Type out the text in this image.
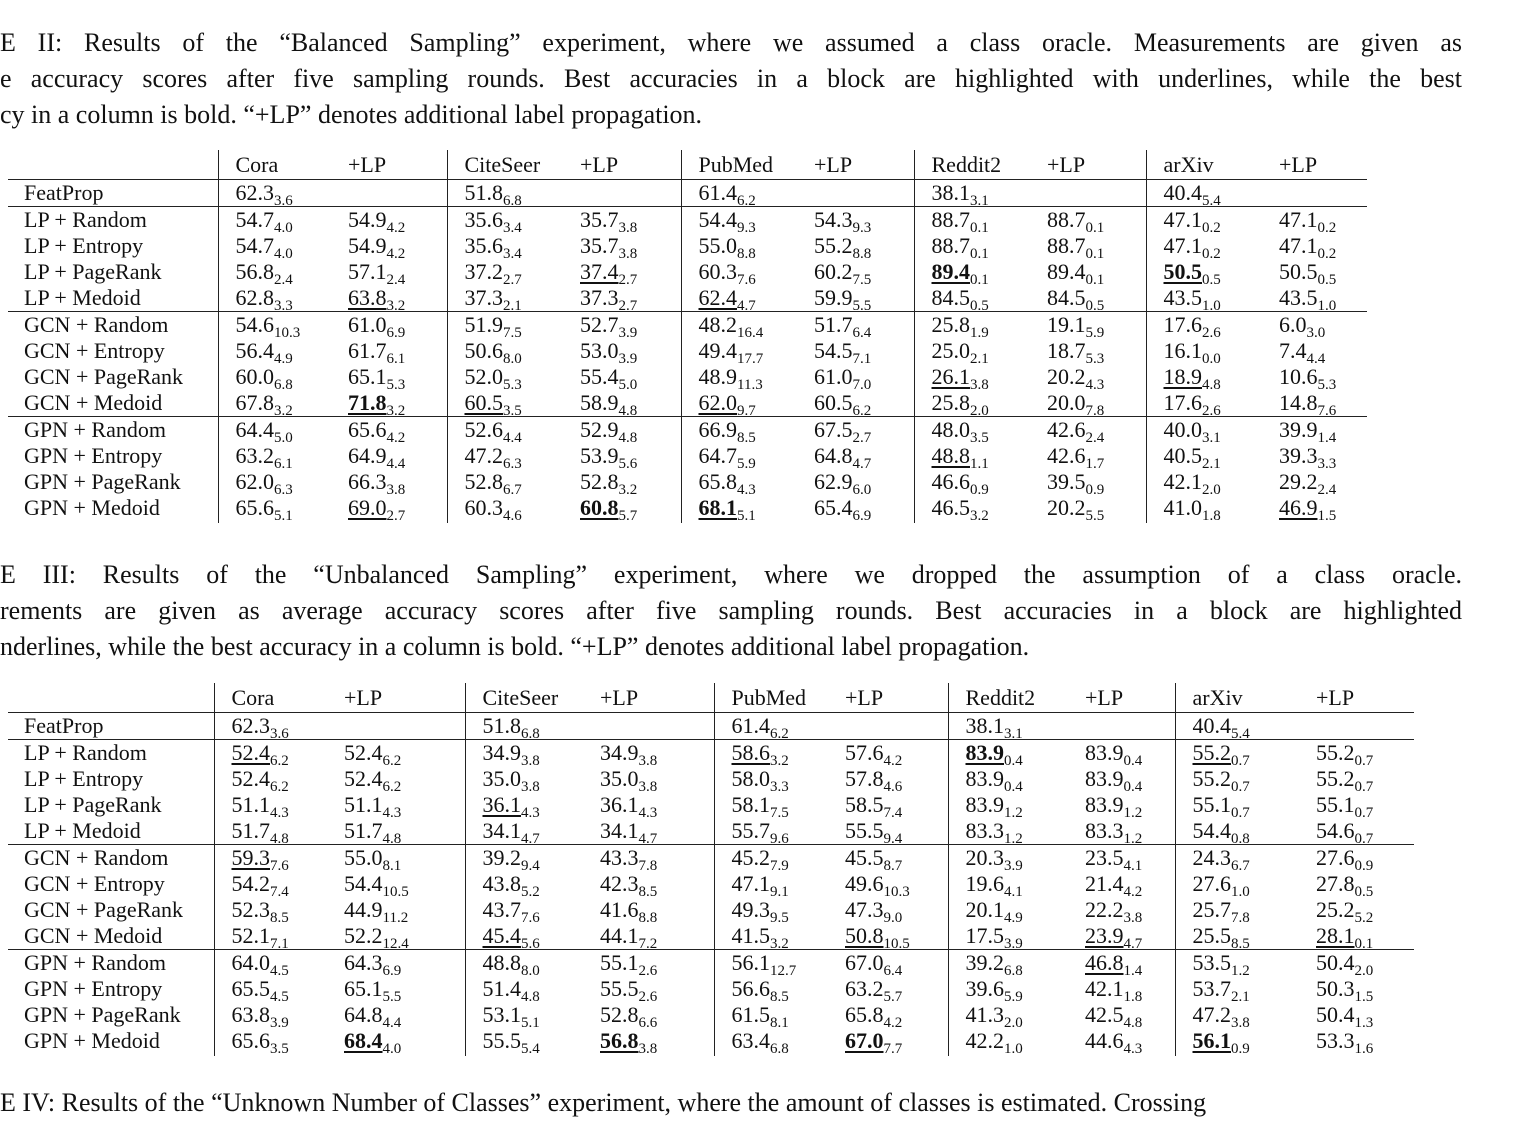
E II: Results of the “Balanced Sampling” experiment, where we assumed a class oracle. Measurements are given as
e accuracy scores after five sampling rounds. Best accuracies in a block are highlighted with underlines, while the best
cy in a column is bold. “+LP” denotes additional label propagation.
	Cora	+LP	CiteSeer	+LP	PubMed	+LP	Reddit2	+LP	arXiv	+LP
FeatProp	$62.3_{3.6}$		$51.8_{6.8}$		$61.4_{6.2}$		$38.1_{3.1}$		$40.4_{5.4}$	
LP + Random	$54.7_{4.0}$	$54.9_{4.2}$	$35.6_{3.4}$	$35.7_{3.8}$	$54.4_{9.3}$	$54.3_{9.3}$	$88.7_{0.1}$	$88.7_{0.1}$	$47.1_{0.2}$	$47.1_{0.2}$
LP + Entropy	$54.7_{4.0}$	$54.9_{4.2}$	$35.6_{3.4}$	$35.7_{3.8}$	$55.0_{8.8}$	$55.2_{8.8}$	$88.7_{0.1}$	$88.7_{0.1}$	$47.1_{0.2}$	$47.1_{0.2}$
LP + PageRank	$56.8_{2.4}$	$57.1_{2.4}$	$37.2_{2.7}$	$37.4_{2.7}$	$60.3_{7.6}$	$60.2_{7.5}$	$89.4_{0.1}$	$89.4_{0.1}$	$50.5_{0.5}$	$50.5_{0.5}$
LP + Medoid	$62.8_{3.3}$	$63.8_{3.2}$	$37.3_{2.1}$	$37.3_{2.7}$	$62.4_{4.7}$	$59.9_{5.5}$	$84.5_{0.5}$	$84.5_{0.5}$	$43.5_{1.0}$	$43.5_{1.0}$
GCN + Random	$54.6_{10.3}$	$61.0_{6.9}$	$51.9_{7.5}$	$52.7_{3.9}$	$48.2_{16.4}$	$51.7_{6.4}$	$25.8_{1.9}$	$19.1_{5.9}$	$17.6_{2.6}$	$6.0_{3.0}$
GCN + Entropy	$56.4_{4.9}$	$61.7_{6.1}$	$50.6_{8.0}$	$53.0_{3.9}$	$49.4_{17.7}$	$54.5_{7.1}$	$25.0_{2.1}$	$18.7_{5.3}$	$16.1_{0.0}$	$7.4_{4.4}$
GCN + PageRank	$60.0_{6.8}$	$65.1_{5.3}$	$52.0_{5.3}$	$55.4_{5.0}$	$48.9_{11.3}$	$61.0_{7.0}$	$26.1_{3.8}$	$20.2_{4.3}$	$18.9_{4.8}$	$10.6_{5.3}$
GCN + Medoid	$67.8_{3.2}$	$71.8_{3.2}$	$60.5_{3.5}$	$58.9_{4.8}$	$62.0_{9.7}$	$60.5_{6.2}$	$25.8_{2.0}$	$20.0_{7.8}$	$17.6_{2.6}$	$14.8_{7.6}$
GPN + Random	$64.4_{5.0}$	$65.6_{4.2}$	$52.6_{4.4}$	$52.9_{4.8}$	$66.9_{8.5}$	$67.5_{2.7}$	$48.0_{3.5}$	$42.6_{2.4}$	$40.0_{3.1}$	$39.9_{1.4}$
GPN + Entropy	$63.2_{6.1}$	$64.9_{4.4}$	$47.2_{6.3}$	$53.9_{5.6}$	$64.7_{5.9}$	$64.8_{4.7}$	$48.8_{1.1}$	$42.6_{1.7}$	$40.5_{2.1}$	$39.3_{3.3}$
GPN + PageRank	$62.0_{6.3}$	$66.3_{3.8}$	$52.8_{6.7}$	$52.8_{3.2}$	$65.8_{4.3}$	$62.9_{6.0}$	$46.6_{0.9}$	$39.5_{0.9}$	$42.1_{2.0}$	$29.2_{2.4}$
GPN + Medoid	$65.6_{5.1}$	$69.0_{2.7}$	$60.3_{4.6}$	$60.8_{5.7}$	$68.1_{5.1}$	$65.4_{6.9}$	$46.5_{3.2}$	$20.2_{5.5}$	$41.0_{1.8}$	$46.9_{1.5}$
E III: Results of the “Unbalanced Sampling” experiment, where we dropped the assumption of a class oracle.
rements are given as average accuracy scores after five sampling rounds. Best accuracies in a block are highlighted
nderlines, while the best accuracy in a column is bold. “+LP” denotes additional label propagation.
	Cora	+LP	CiteSeer	+LP	PubMed	+LP	Reddit2	+LP	arXiv	+LP
FeatProp	$62.3_{3.6}$		$51.8_{6.8}$		$61.4_{6.2}$		$38.1_{3.1}$		$40.4_{5.4}$	
LP + Random	$52.4_{6.2}$	$52.4_{6.2}$	$34.9_{3.8}$	$34.9_{3.8}$	$58.6_{3.2}$	$57.6_{4.2}$	$83.9_{0.4}$	$83.9_{0.4}$	$55.2_{0.7}$	$55.2_{0.7}$
LP + Entropy	$52.4_{6.2}$	$52.4_{6.2}$	$35.0_{3.8}$	$35.0_{3.8}$	$58.0_{3.3}$	$57.8_{4.6}$	$83.9_{0.4}$	$83.9_{0.4}$	$55.2_{0.7}$	$55.2_{0.7}$
LP + PageRank	$51.1_{4.3}$	$51.1_{4.3}$	$36.1_{4.3}$	$36.1_{4.3}$	$58.1_{7.5}$	$58.5_{7.4}$	$83.9_{1.2}$	$83.9_{1.2}$	$55.1_{0.7}$	$55.1_{0.7}$
LP + Medoid	$51.7_{4.8}$	$51.7_{4.8}$	$34.1_{4.7}$	$34.1_{4.7}$	$55.7_{9.6}$	$55.5_{9.4}$	$83.3_{1.2}$	$83.3_{1.2}$	$54.4_{0.8}$	$54.6_{0.7}$
GCN + Random	$59.3_{7.6}$	$55.0_{8.1}$	$39.2_{9.4}$	$43.3_{7.8}$	$45.2_{7.9}$	$45.5_{8.7}$	$20.3_{3.9}$	$23.5_{4.1}$	$24.3_{6.7}$	$27.6_{0.9}$
GCN + Entropy	$54.2_{7.4}$	$54.4_{10.5}$	$43.8_{5.2}$	$42.3_{8.5}$	$47.1_{9.1}$	$49.6_{10.3}$	$19.6_{4.1}$	$21.4_{4.2}$	$27.6_{1.0}$	$27.8_{0.5}$
GCN + PageRank	$52.3_{8.5}$	$44.9_{11.2}$	$43.7_{7.6}$	$41.6_{8.8}$	$49.3_{9.5}$	$47.3_{9.0}$	$20.1_{4.9}$	$22.2_{3.8}$	$25.7_{7.8}$	$25.2_{5.2}$
GCN + Medoid	$52.1_{7.1}$	$52.2_{12.4}$	$45.4_{5.6}$	$44.1_{7.2}$	$41.5_{3.2}$	$50.8_{10.5}$	$17.5_{3.9}$	$23.9_{4.7}$	$25.5_{8.5}$	$28.1_{0.1}$
GPN + Random	$64.0_{4.5}$	$64.3_{6.9}$	$48.8_{8.0}$	$55.1_{2.6}$	$56.1_{12.7}$	$67.0_{6.4}$	$39.2_{6.8}$	$46.8_{1.4}$	$53.5_{1.2}$	$50.4_{2.0}$
GPN + Entropy	$65.5_{4.5}$	$65.1_{5.5}$	$51.4_{4.8}$	$55.5_{2.6}$	$56.6_{8.5}$	$63.2_{5.7}$	$39.6_{5.9}$	$42.1_{1.8}$	$53.7_{2.1}$	$50.3_{1.5}$
GPN + PageRank	$63.8_{3.9}$	$64.8_{4.4}$	$53.1_{5.1}$	$52.8_{6.6}$	$61.5_{8.1}$	$65.8_{4.2}$	$41.3_{2.0}$	$42.5_{4.8}$	$47.2_{3.8}$	$50.4_{1.3}$
GPN + Medoid	$65.6_{3.5}$	$68.4_{4.0}$	$55.5_{5.4}$	$56.8_{3.8}$	$63.4_{6.8}$	$67.0_{7.7}$	$42.2_{1.0}$	$44.6_{4.3}$	$56.1_{0.9}$	$53.3_{1.6}$
E IV: Results of the “Unknown Number of Classes” experiment, where the amount of classes is estimated. Crossing
